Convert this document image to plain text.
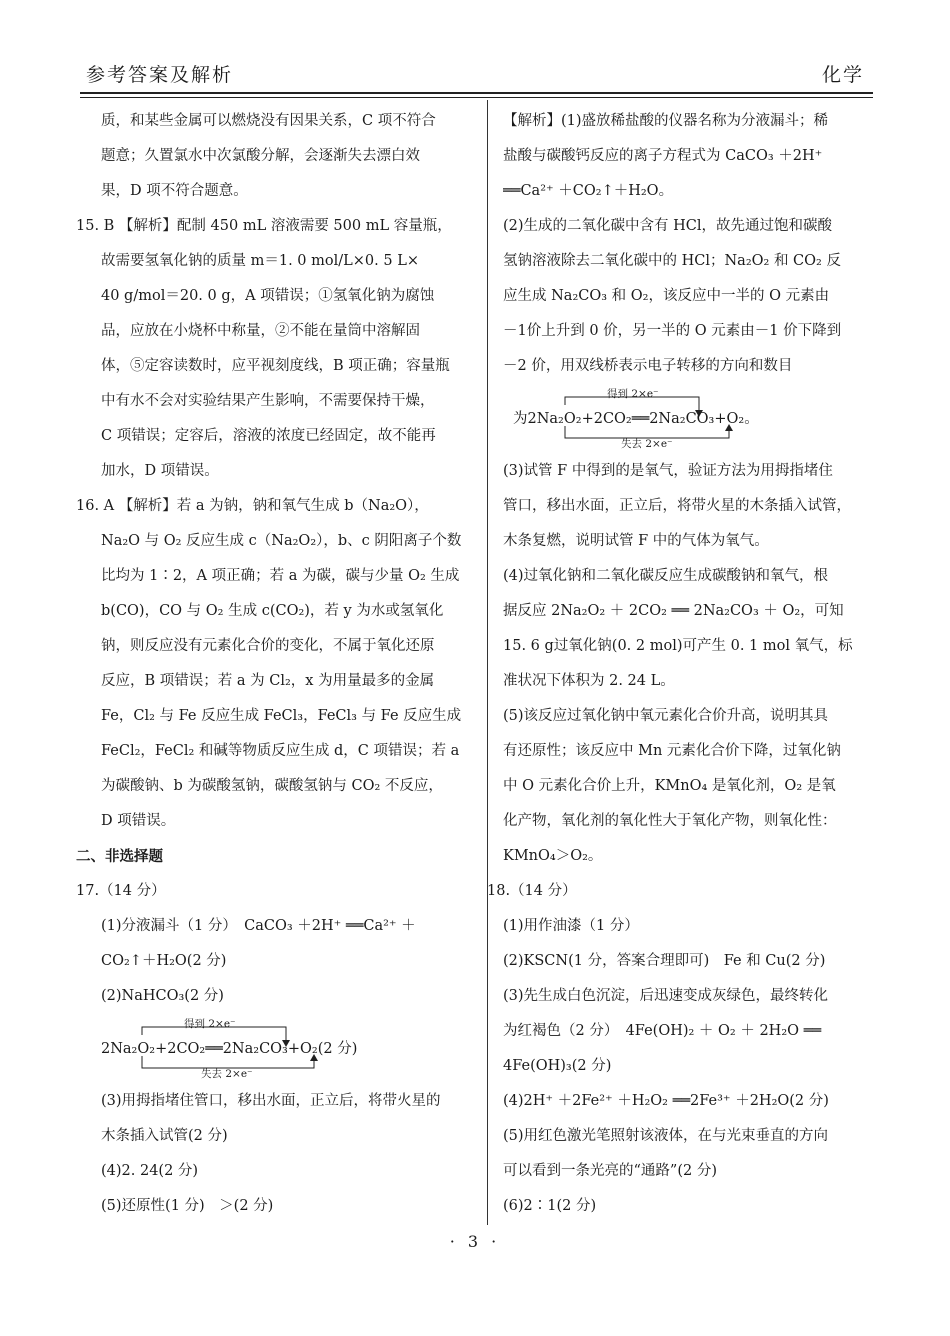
参考答案及解析	化学
质，和某些金属可以燃烧没有因果关系，C 项不符合
题意；久置氯水中次氯酸分解，会逐渐失去漂白效
果，D 项不符合题意。
15. B 【解析】配制 450 mL 溶液需要 500 mL 容量瓶，
故需要氢氧化钠的质量 m＝1. 0 mol/L×0. 5 L×
40 g/mol＝20. 0 g，A 项错误；①氢氧化钠为腐蚀
品，应放在小烧杯中称量，②不能在量筒中溶解固
体，⑤定容读数时，应平视刻度线，B 项正确；容量瓶
中有水不会对实验结果产生影响，不需要保持干燥，
C 项错误；定容后，溶液的浓度已经固定，故不能再
加水，D 项错误。
16. A 【解析】若 a 为钠，钠和氧气生成 b（Na₂O），
Na₂O 与 O₂ 反应生成 c（Na₂O₂），b、c 阴阳离子个数
比均为 1∶2，A 项正确；若 a 为碳，碳与少量 O₂ 生成
b(CO)，CO 与 O₂ 生成 c(CO₂)，若 y 为水或氢氧化
钠，则反应没有元素化合价的变化，不属于氧化还原
反应，B 项错误；若 a 为 Cl₂，x 为用量最多的金属
Fe，Cl₂ 与 Fe 反应生成 FeCl₃，FeCl₃ 与 Fe 反应生成
FeCl₂，FeCl₂ 和碱等物质反应生成 d，C 项错误；若 a
为碳酸钠、b 为碳酸氢钠，碳酸氢钠与 CO₂ 不反应，
D 项错误。
二、非选择题
17.（14 分）
(1)分液漏斗（1 分）　CaCO₃ ＋2H⁺ ══Ca²⁺ ＋
CO₂↑＋H₂O(2 分)
(2)NaHCO₃(2 分)
得到 2×e⁻
2Na₂O₂+2CO₂══2Na₂CO₃+O₂(2 分)
失去 2×e⁻
(3)用拇指堵住管口，移出水面，正立后，将带火星的
木条插入试管(2 分)
(4)2. 24(2 分)
(5)还原性(1 分)　＞(2 分)
【解析】(1)盛放稀盐酸的仪器名称为分液漏斗；稀
盐酸与碳酸钙反应的离子方程式为 CaCO₃ ＋2H⁺
══Ca²⁺ ＋CO₂↑＋H₂O。
(2)生成的二氧化碳中含有 HCl，故先通过饱和碳酸
氢钠溶液除去二氧化碳中的 HCl；Na₂O₂ 和 CO₂ 反
应生成 Na₂CO₃ 和 O₂，该反应中一半的 O 元素由
－1价上升到 0 价，另一半的 O 元素由－1 价下降到
－2 价，用双线桥表示电子转移的方向和数目
得到 2×e⁻
为2Na₂O₂+2CO₂══2Na₂CO₃+O₂。
失去 2×e⁻
(3)试管 F 中得到的是氧气，验证方法为用拇指堵住
管口，移出水面，正立后，将带火星的木条插入试管，
木条复燃，说明试管 F 中的气体为氧气。
(4)过氧化钠和二氧化碳反应生成碳酸钠和氧气，根
据反应 2Na₂O₂ ＋ 2CO₂ ══ 2Na₂CO₃ ＋ O₂，可知
15. 6 g过氧化钠(0. 2 mol)可产生 0. 1 mol 氧气，标
准状况下体积为 2. 24 L。
(5)该反应过氧化钠中氧元素化合价升高，说明其具
有还原性；该反应中 Mn 元素化合价下降，过氧化钠
中 O 元素化合价上升，KMnO₄ 是氧化剂，O₂ 是氧
化产物，氧化剂的氧化性大于氧化产物，则氧化性：
KMnO₄＞O₂。
18.（14 分）
(1)用作油漆（1 分）
(2)KSCN(1 分，答案合理即可)　Fe 和 Cu(2 分)
(3)先生成白色沉淀，后迅速变成灰绿色，最终转化
为红褐色（2 分）　4Fe(OH)₂ ＋ O₂ ＋ 2H₂O ══
4Fe(OH)₃(2 分)
(4)2H⁺ ＋2Fe²⁺ ＋H₂O₂ ══2Fe³⁺ ＋2H₂O(2 分)
(5)用红色激光笔照射该液体，在与光束垂直的方向
可以看到一条光亮的“通路”(2 分)
(6)2∶1(2 分)
· 3 ·
